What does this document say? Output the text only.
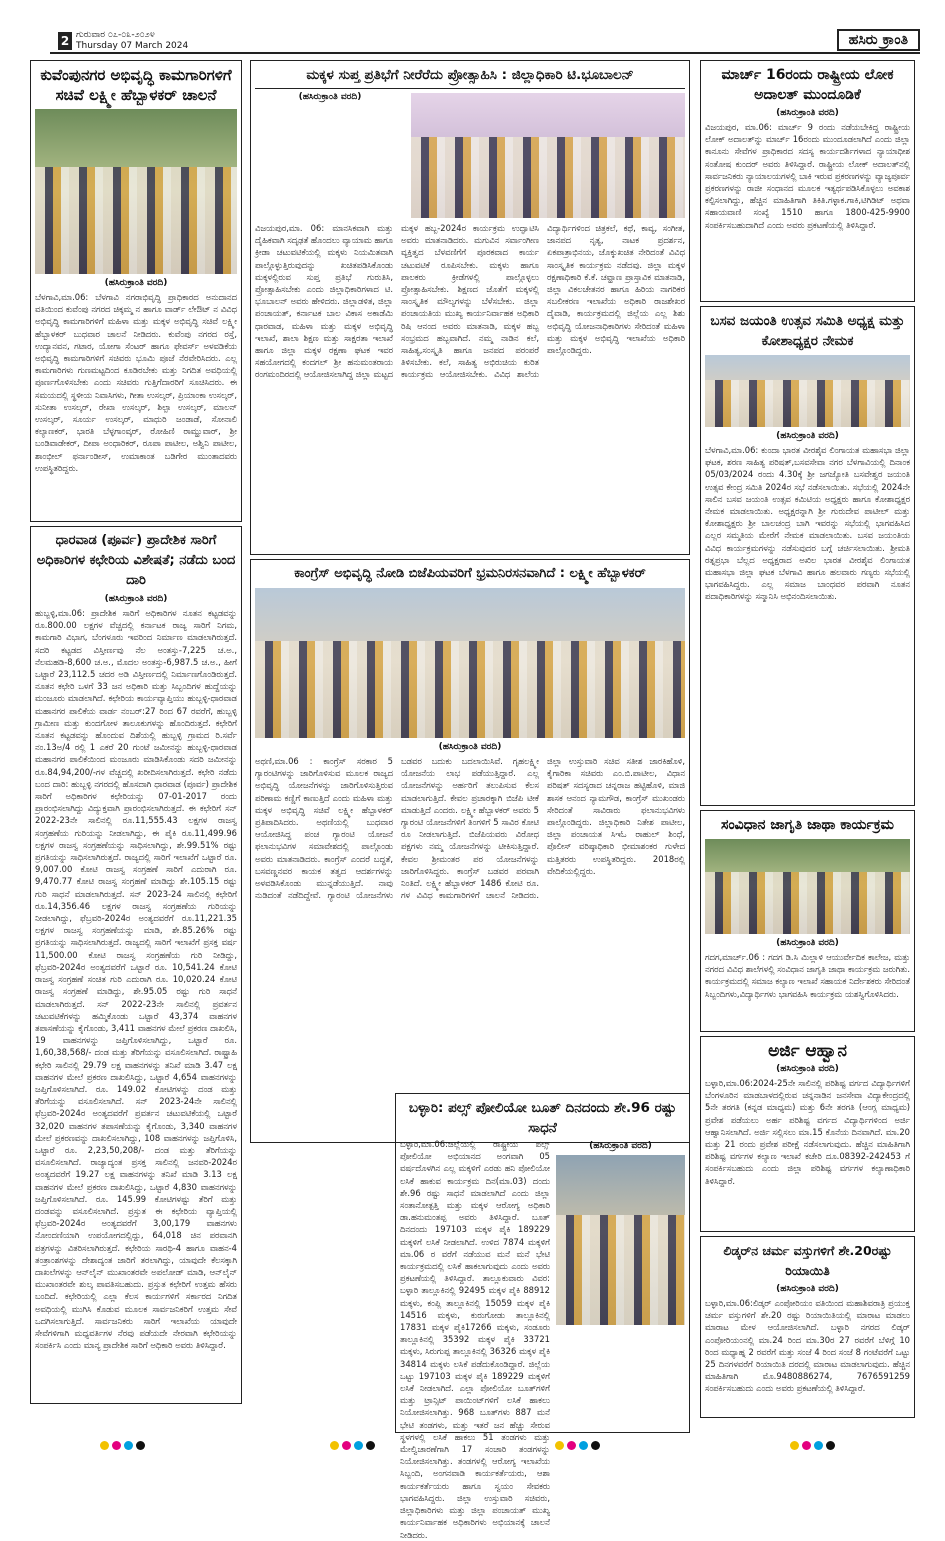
2 ಗುರುವಾರ ೦೭-೦೩-೨೦೨೪
Thursday 07 March 2024	ಹಸಿರು ಕ್ರಾಂತಿ
ಕುವೆಂಪುನಗರ ಅಭಿವೃದ್ಧಿ ಕಾಮಗಾರಿಗಳಿಗೆ ಸಚಿವೆ ಲಕ್ಷ್ಮೀ ಹೆಬ್ಬಾಳಕರ್ ಚಾಲನೆ
(ಹಸಿರುಕ್ರಾಂತಿ ವರದಿ)
ಬೆಳಗಾವಿ,ಮಾ.06: ಬೆಳಗಾವಿ ನಗರಾಭಿವೃದ್ಧಿ ಪ್ರಾಧಿಕಾರದ ಅನುದಾನದ ವತಿಯಿಂದ ಕುವೆಂಪು ನಗರದ ಚಿಕ್ಕಮ್ಮ ನ ಹಾಗೂ ವಾರ್ಡ್ ಲೇಔಟ್ ನ ವಿವಿಧ ಅಭಿವೃದ್ಧಿ ಕಾಮಗಾರಿಗಳಿಗೆ ಮಹಿಳಾ ಮತ್ತು ಮಕ್ಕಳ ಅಭಿವೃದ್ಧಿ ಸಚಿವೆ ಲಕ್ಷ್ಮೀ ಹೆಬ್ಬಾಳಕರ್ ಬುಧವಾರ ಚಾಲನೆ ನೀಡಿದರು. ಕುವೆಂಪು ನಗರದ ರಸ್ತೆ, ಉದ್ಯಾನವನ, ಗಟಾರ, ಯೋಗಾ ಸೆಂಟರ್ ಹಾಗೂ ಫೇವರ್ಸ್ ಅಳವಡಿಕೆಯ ಅಭಿವೃದ್ಧಿ ಕಾಮಗಾರಿಗಳಿಗೆ ಸಚಿವರು ಭೂಮಿ ಪೂಜೆ ನೆರವೇರಿಸಿದರು. ಎಲ್ಲ ಕಾಮಗಾರಿಗಳು ಗುಣಮಟ್ಟದಿಂದ ಕೂಡಿರಬೇಕು ಮತ್ತು ನಿಗದಿತ ಅವಧಿಯಲ್ಲಿ ಪೂರ್ಣಗೊಳಿಸಬೇಕು ಎಂದು ಸಚಿವರು ಗುತ್ತಿಗೆದಾರರಿಗೆ ಸೂಚಿಸಿದರು. ಈ ಸಮಯದಲ್ಲಿ ಸ್ಥಳೀಯ ನಿವಾಸಿಗಳು, ಗೀತಾ ಉಸಲ್ಕರ್, ಪ್ರಿಯಾಂಕಾ ಉಸಲ್ಕರ್, ಸುನೀತಾ ಉಸಲ್ಕರ್, ರೇಖಾ ಉಸಲ್ಕರ್, ಶಿಲ್ಪಾ ಉಸಲ್ಕರ್, ಮಾಲನ್ ಉಸಲ್ಕರ್, ಸೂರ್ಯ ಉಸಲ್ಕರ್, ಮಾಧುರಿ ಜಂಡಾಡೆ, ಸೋನಾಲಿ ಕಲ್ಯಾಣಕರ್, ಭಾರತಿ ಬೆಳ್ಳಗಾಂವ್ಕರ್, ರೋಹಿಣಿ ರಾಮ್ಹುವಾರ್, ಶ್ರೀ ಬಂಡಿವಾಡೇಕರ್, ದೀಪಾ ಅಂಧಾರಿಕರ್, ರೂಪಾ ಪಾಟೀಲ, ಅಶ್ವಿನಿ ಪಾಟೀಲ, ಶಾಂಭೀಲ್ ಫರ್ನಾಂಡೀಸ್, ಉಮಾಕಾಂತ ಬಡಿಗೇರ ಮುಂತಾದವರು ಉಪಸ್ಥಿತರಿದ್ದರು.
ಧಾರವಾಡ (ಪೂರ್ವ) ಪ್ರಾದೇಶಿಕ ಸಾರಿಗೆ ಅಧಿಕಾರಿಗಳ ಕಛೇರಿಯ ವಿಶೇಷತೆ; ನಡೆದು ಬಂದ ದಾರಿ
(ಹಸಿರುಕ್ರಾಂತಿ ವರದಿ)
ಹುಬ್ಬಳ್ಳಿ,ಮಾ.06: ಪ್ರಾದೇಶಿಕ ಸಾರಿಗೆ ಅಧಿಕಾರಿಗಳ ನೂತನ ಕಟ್ಟಡವನ್ನು ರೂ.800.00 ಲಕ್ಷಗಳ ವೆಚ್ಚದಲ್ಲಿ ಕರ್ನಾಟಕ ರಾಜ್ಯ ಸಾರಿಗೆ ನಿಗಮ, ಕಾಮಗಾರಿ ವಿಭಾಗ, ಬೆಂಗಳೂರು ಇವರಿಂದ ನಿರ್ಮಾಣ ಮಾಡಲಾಗಿರುತ್ತದೆ. ಸದರಿ ಕಟ್ಟಡದ ವಿಸ್ತೀರ್ಣವು ನೆಲ ಅಂತಸ್ತು-7,225 ಚ.ಅ., ನೆಲಮಹಡಿ-8,600 ಚ.ಅ., ಮೊದಲ ಅಂತಸ್ತು-6,987.5 ಚ.ಅ., ಹೀಗೆ ಒಟ್ಟಾರೆ 23,112.5 ಚದರ ಅಡಿ ವಿಸ್ತೀರ್ಣದಲ್ಲಿ ನಿರ್ಮಾಣಗೊಂಡಿರುತ್ತದೆ. ನೂತನ ಕಛೇರಿ ಒಳಗೆ 33 ಜನ ಅಧಿಕಾರಿ ಮತ್ತು ಸಿಬ್ಬಂದಿಗಳ ಹುದ್ದೆಯನ್ನು ಮಂಜೂರು ಮಾಡಲಾಗಿದೆ. ಕಛೇರಿಯ ಕಾರ್ಯವ್ಯಾಪ್ತಿಯು ಹುಬ್ಬಳ್ಳಿ-ಧಾರವಾಡ ಮಹಾನಗರ ಪಾಲಿಕೆಯ ವಾರ್ಡ ನಂಬರ್:27 ರಿಂದ 67 ರವರೆಗೆ, ಹುಬ್ಬಳ್ಳಿ ಗ್ರಾಮೀಣ ಮತ್ತು ಕುಂದಗೋಳ ತಾಲೂಕುಗಳನ್ನು ಹೊಂದಿರುತ್ತದೆ. ಕಛೇರಿಗೆ ನೂತನ ಕಟ್ಟಡವನ್ನು ಹೊಂದುವ ದಿಶೆಯಲ್ಲಿ ಹುಬ್ಬಳ್ಳಿ ಗ್ರಾಮದ ರಿ.ಸರ್ವೆ ನಂ.13ಅ/4 ರಲ್ಲಿ 1 ಎಕರೆ 20 ಗುಂಟೆ ಜಮೀನನ್ನು ಹುಬ್ಬಳ್ಳಿ-ಧಾರವಾಡ ಮಹಾನಗರ ಪಾಲಿಕೆಯಿಂದ ಮಂಜೂರು ಮಾಡಿಸಿಕೊಂಡು ಸದರಿ ಜಮೀನನ್ನು ರೂ.84,94,200/-ಗಳ ವೆಚ್ಚದಲ್ಲಿ ಖರೀದಿಸಲಾಗಿರುತ್ತದೆ. ಕಛೇರಿ ನಡೆದು ಬಂದ ದಾರಿ: ಹುಬ್ಬಳ್ಳಿ ನಗರದಲ್ಲಿ ಹೊಸದಾಗಿ ಧಾರವಾಡ (ಪೂರ್ವ) ಪ್ರಾದೇಶಿಕ ಸಾರಿಗೆ ಅಧಿಕಾರಿಗಳ ಕಛೇರಿಯನ್ನು 07-01-2017 ರಂದು ಪ್ರಾರಂಭಿಸಲಾಗಿದ್ದು ವಿದ್ಯುಕ್ತವಾಗಿ ಪ್ರಾರಂಭಿಸಲಾಗಿರುತ್ತದೆ. ಈ ಕಛೇರಿಗೆ ಸನ್ 2022-23ನೇ ಸಾಲಿನಲ್ಲಿ ರೂ.11,555.43 ಲಕ್ಷಗಳ ರಾಜಸ್ವ ಸಂಗ್ರಹಣೆಯ ಗುರಿಯನ್ನು ನೀಡಲಾಗಿದ್ದು, ಈ ಪೈಕಿ ರೂ.11,499.96 ಲಕ್ಷಗಳ ರಾಜಸ್ವ ಸಂಗ್ರಹಣೆಯನ್ನು ಸಾಧಿಸಲಾಗಿದ್ದು, ಶೇ.99.51% ರಷ್ಟು ಪ್ರಗತಿಯನ್ನು ಸಾಧಿಸಲಾಗಿರುತ್ತದೆ. ರಾಜ್ಯದಲ್ಲಿ ಸಾರಿಗೆ ಇಲಾಖೆಗೆ ಒಟ್ಟಾರೆ ರೂ. 9,007.00 ಕೋಟಿ ರಾಜಸ್ವ ಸಂಗ್ರಹಣೆ ಸಾರಿಗೆ ಎದುರಾಗಿ ರೂ. 9,470.77 ಕೋಟಿ ರಾಜಸ್ವ ಸಂಗ್ರಹಣೆ ಮಾಡಿದ್ದು ಶೇ.105.15 ರಷ್ಟು ಗುರಿ ಸಾಧನೆ ಮಾಡಲಾಗಿರುತ್ತದೆ. ಸನ್ 2023-24 ಸಾಲಿನಲ್ಲಿ ಕಛೇರಿಗೆ ರೂ.14,356.46 ಲಕ್ಷಗಳ ರಾಜಸ್ವ ಸಂಗ್ರಹಣೆಯ ಗುರಿಯನ್ನು ನೀಡಲಾಗಿದ್ದು, ಫೆಬ್ರವರಿ-2024ರ ಅಂತ್ಯದವರೆಗೆ ರೂ.11,221.35 ಲಕ್ಷಗಳ ರಾಜಸ್ವ ಸಂಗ್ರಹಣೆಯನ್ನು ಮಾಡಿ, ಶೇ.85.26% ರಷ್ಟು ಪ್ರಗತಿಯನ್ನು ಸಾಧಿಸಲಾಗಿರುತ್ತದೆ. ರಾಜ್ಯದಲ್ಲಿ ಸಾರಿಗೆ ಇಲಾಖೆಗೆ ಪ್ರಸಕ್ತ ವರ್ಷ 11,500.00 ಕೋಟಿ ರಾಜಸ್ವ ಸಂಗ್ರಹಣೆಯ ಗುರಿ ನೀಡಿದ್ದು, ಫೆಬ್ರವರಿ-2024ರ ಅಂತ್ಯದವರೆಗೆ ಒಟ್ಟಾರೆ ರೂ. 10,541.24 ಕೋಟಿ ರಾಜಸ್ವ ಸಂಗ್ರಹಣೆ ಸಂಚಿತ ಗುರಿ ಎದುರಾಗಿ ರೂ. 10,020.24 ಕೋಟಿ ರಾಜಸ್ವ ಸಂಗ್ರಹಣೆ ಮಾಡಿದ್ದು, ಶೇ.95.05 ರಷ್ಟು ಗುರಿ ಸಾಧನೆ ಮಾಡಲಾಗಿರುತ್ತದೆ. ಸನ್ 2022-23ನೇ ಸಾಲಿನಲ್ಲಿ ಪ್ರವರ್ತನ ಚಟುವಟಿಕೆಗಳನ್ನು ಹಮ್ಮಿಕೊಂಡು ಒಟ್ಟಾರೆ 43,374 ವಾಹನಗಳ ತಪಾಸಣೆಯನ್ನು ಕೈಗೊಂಡು, 3,411 ವಾಹನಗಳ ಮೇಲೆ ಪ್ರಕರಣ ದಾಖಲಿಸಿ, 19 ವಾಹನಗಳನ್ನು ಜಪ್ತಿಗೊಳಿಸಲಾಗಿದ್ದು, ಒಟ್ಟಾರೆ ರೂ. 1,60,38,568/- ದಂಡ ಮತ್ತು ತೆರಿಗೆಯನ್ನು ವಸೂಲಿಸಲಾಗಿದೆ. ರಾಷ್ಟ್ರಾಹಿ ಕಛೇರಿ ಸಾಲಿನಲ್ಲಿ 29.79 ಲಕ್ಷ ವಾಹನಗಳನ್ನು ತನಿಖೆ ಮಾಡಿ 3.47 ಲಕ್ಷ ವಾಹನಗಳ ಮೇಲೆ ಪ್ರಕರಣ ದಾಖಲಿಸಿದ್ದು, ಒಟ್ಟಾರೆ 4,654 ವಾಹನಗಳನ್ನು ಜಪ್ತಿಗೊಳಿಸಲಾಗಿದೆ. ರೂ. 149.02 ಕೋಟಿಗಳನ್ನು ದಂಡ ಮತ್ತು ತೆರಿಗೆಯನ್ನು ವಸೂಲಿಸಲಾಗಿದೆ. ಸನ್ 2023-24ನೇ ಸಾಲಿನಲ್ಲಿ ಫೆಬ್ರವರಿ-2024ರ ಅಂತ್ಯದವರೆಗೆ ಪ್ರವರ್ತನ ಚಟುವಟಿಕೆಯಲ್ಲಿ ಒಟ್ಟಾರೆ 32,020 ವಾಹನಗಳ ತಪಾಸಣೆಯನ್ನು ಕೈಗೊಂಡು, 3,340 ವಾಹನಗಳ ಮೇಲೆ ಪ್ರಕರಣವನ್ನು ದಾಖಲಿಸಲಾಗಿದ್ದು, 108 ವಾಹನಗಳನ್ನು ಜಪ್ತಿಗೊಳಿಸಿ, ಒಟ್ಟಾರೆ ರೂ. 2,23,50,208/- ದಂಡ ಮತ್ತು ತೆರಿಗೆಯನ್ನು ವಸೂಲಿಸಲಾಗಿದೆ. ರಾಜ್ಯಾದ್ಯಂತ ಪ್ರಸಕ್ತ ಸಾಲಿನಲ್ಲಿ ಜನವರಿ-2024ರ ಅಂತ್ಯದವರೆಗೆ 19.27 ಲಕ್ಷ ವಾಹನಗಳನ್ನು ತನಿಖೆ ಮಾಡಿ 3.13 ಲಕ್ಷ ವಾಹನಗಳ ಮೇಲೆ ಪ್ರಕರಣ ದಾಖಲಿಸಿದ್ದು, ಒಟ್ಟಾರೆ 4,830 ವಾಹನಗಳನ್ನು ಜಪ್ತಿಗೊಳಿಸಲಾಗಿದೆ. ರೂ. 145.99 ಕೋಟಿಗಳಷ್ಟು ತೆರಿಗೆ ಮತ್ತು ದಂಡವನ್ನು ವಸೂಲಿಸಲಾಗಿದೆ. ಪ್ರಸ್ತುತ ಈ ಕಛೇರಿಯ ವ್ಯಾಪ್ತಿಯಲ್ಲಿ ಫೆಬ್ರವರಿ-2024ರ ಅಂತ್ಯದವರೆಗೆ 3,00,179 ವಾಹನಗಳು ನೋಂದಣಿಯಾಗಿ ಉಪಯೋಗದಲ್ಲಿದ್ದು, 64,018 ಚಿನ ಪರವಾನಗಿ ಪತ್ರಗಳನ್ನು ವಿತರಿಸಲಾಗಿರುತ್ತದೆ. ಕಛೇರಿಯ ಸಾರಥಿ-4 ಹಾಗೂ ವಾಹನ-4 ತಂತ್ರಾಂಶಗಳನ್ನು ದೇಶಾದ್ಯಂತ ಜಾರಿಗೆ ತರಲಾಗಿದ್ದು, ಯಾವುದೇ ಕೆಲಸಕ್ಕಾಗಿ ದಾಖಲೆಗಳನ್ನು ಆನ್‌ಲೈನ್ ಮುಖಾಂತರವೇ ಅಪಲೋಡ್ ಮಾಡಿ, ಆನ್‌ಲೈನ್ ಮುಖಾಂತರವೇ ಶುಲ್ಕ ಪಾವತಿಸಬಹುದು. ಪ್ರಸ್ತುತ ಕಛೇರಿಗೆ ಉತ್ತಮ ಹೆಸರು ಬಂದಿದೆ. ಕಛೇರಿಯಲ್ಲಿ ಎಲ್ಲಾ ಕೆಲಸ ಕಾರ್ಯಗಳಿಗೆ ಸರ್ಕಾರದ ನಿಗದಿತ ಅವಧಿಯಲ್ಲಿ ಮುಗಿಸಿ ಕೊಡುವ ಮೂಲಕ ಸಾರ್ವಜನಿಕರಿಗೆ ಉತ್ತಮ ಸೇವೆ ಒದಗಿಸಲಾಗುತ್ತಿದೆ. ಸಾರ್ವಜನಿಕರು ಸಾರಿಗೆ ಇಲಾಖೆಯ ಯಾವುದೇ ಸೇವೆಗಳಿಗಾಗಿ ಮಧ್ಯವರ್ತಿಗಳ ನೆರವು ಪಡೆಯದೇ ನೇರವಾಗಿ ಕಛೇರಿಯನ್ನು ಸಂಪರ್ಕಿಸಿ ಎಂದು ಮಾನ್ಯ ಪ್ರಾದೇಶಿಕ ಸಾರಿಗೆ ಅಧಿಕಾರಿ ಅವರು ತಿಳಿಸಿದ್ದಾರೆ.
ಮಕ್ಕಳ ಸುಪ್ತ ಪ್ರತಿಭೆಗೆ ನೀರೆರೆದು ಪ್ರೋತ್ಸಾಹಿಸಿ : ಜಿಲ್ಲಾಧಿಕಾರಿ ಟಿ.ಭೂಬಾಲನ್
(ಹಸಿರುಕ್ರಾಂತಿ ವರದಿ)
ವಿಜಯಪುರ,ಮಾ. 06: ಮಾನಸಿಕವಾಗಿ ಮತ್ತು ದೈಹಿಕವಾಗಿ ಸದೃಢತೆ ಹೊಂದಲು ವ್ಯಾಯಾಮ ಹಾಗೂ ಕ್ರೀಡಾ ಚಟುವಟಿಕೆಯಲ್ಲಿ ಮಕ್ಕಳು ನಿಯಮಿತವಾಗಿ ಪಾಲ್ಗೊಳ್ಳುತ್ತಿರುವುದನ್ನು ಖಚಿತಪಡಿಸಿಕೊಂಡು ಮಕ್ಕಳಲ್ಲಿರುವ ಸುಪ್ತ ಪ್ರತಿಭೆ ಗುರುತಿಸಿ, ಪ್ರೋತ್ಸಾಹಿಸಬೇಕು ಎಂದು ಜಿಲ್ಲಾಧಿಕಾರಿಗಳಾದ ಟಿ. ಭೂಬಾಲನ್ ಅವರು ಹೇಳಿದರು. ಜಿಲ್ಲಾಡಳಿತ, ಜಿಲ್ಲಾ ಪಂಚಾಯತ್, ಕರ್ನಾಟಕ ಬಾಲ ವಿಕಾಸ ಅಕಾಡೆಮಿ ಧಾರವಾಡ, ಮಹಿಳಾ ಮತ್ತು ಮಕ್ಕಳ ಅಭಿವೃದ್ಧಿ ಇಲಾಖೆ, ಶಾಲಾ ಶಿಕ್ಷಣ ಮತ್ತು ಸಾಕ್ಷರತಾ ಇಲಾಖೆ ಹಾಗೂ ಜಿಲ್ಲಾ ಮಕ್ಕಳ ರಕ್ಷಣಾ ಘಟಕ ಇವರ ಸಹಯೋಗದಲ್ಲಿ ಕಂದಗಲ್ ಶ್ರೀ ಹನುಮಂತರಾಯ ರಂಗಮಂದಿರದಲ್ಲಿ ಆಯೋಜಿಸಲಾಗಿದ್ದ ಜಿಲ್ಲಾ ಮಟ್ಟದ ಮಕ್ಕಳ ಹಬ್ಬ-2024ರ ಕಾರ್ಯಕ್ರಮ ಉದ್ಘಾಟಿಸಿ ಅವರು ಮಾತನಾಡಿದರು. ಮಗುವಿನ ಸರ್ವಾಂಗೀಣ ವ್ಯಕ್ತಿತ್ವದ ಬೆಳವಣಿಗೆಗೆ ಪೂರಕವಾದ ಕಾರ್ಯ ಚಟುವಟಿಕೆ ರೂಪಿಸಬೇಕು. ಮಕ್ಕಳು ಹಾಗೂ ಪಾಲಕರು ಕ್ರೀಡೆಗಳಲ್ಲಿ ಪಾಲ್ಗೊಳ್ಳಲು ಪ್ರೋತ್ಸಾಹಿಸಬೇಕು. ಶಿಕ್ಷಣದ ಜೊತೆಗೆ ಮಕ್ಕಳಲ್ಲಿ ಸಾಂಸ್ಕೃತಿಕ ಮೌಲ್ಯಗಳನ್ನು ಬೆಳೆಸಬೇಕು. ಜಿಲ್ಲಾ ಪಂಚಾಯತಿಯ ಮುಖ್ಯ ಕಾರ್ಯನಿರ್ವಾಹಕ ಅಧಿಕಾರಿ ರಿಷಿ ಆನಂದ ಅವರು ಮಾತನಾಡಿ, ಮಕ್ಕಳ ಹಬ್ಬ ಸಂಭ್ರಮದ ಹಬ್ಬವಾಗಿದೆ. ನಮ್ಮ ನಾಡಿನ ಕಲೆ, ಸಾಹಿತ್ಯ,ಸಂಸ್ಕೃತಿ ಹಾಗೂ ಜನಪದ ಪರಂಪರೆ ತಿಳಿಸಬೇಕು. ಕಲೆ, ಸಾಹಿತ್ಯ ಅಭಿರುಚಿಯ ಕುರಿತ ಕಾರ್ಯಕ್ರಮ ಆಯೋಜಿಸಬೇಕು. ವಿವಿಧ ಶಾಲೆಯ ವಿದ್ಯಾರ್ಥಿಗಳಿಂದ ಚಿತ್ರಕಲೆ, ಕಥೆ, ಕಾವ್ಯ, ಸಂಗೀತ, ಜಾನಪದ ನೃತ್ಯ, ನಾಟಕ ಪ್ರದರ್ಶನ, ಏಕಪಾತ್ರಾಭಿನಯ, ಜೊಕ್ಕುಖಚಿತ ನೇರಿದಂತೆ ವಿವಿಧ ಸಾಂಸ್ಕೃತಿಕ ಕಾರ್ಯಕ್ರಮ ನಡೆದವು. ಜಿಲ್ಲಾ ಮಕ್ಕಳ ರಕ್ಷಣಾಧಿಕಾರಿ ಕೆ.ಕೆ. ಚವ್ಹಾಣ ಪ್ರಾಸ್ತಾವಿಕ ಮಾತನಾಡಿ, ಜಿಲ್ಲಾ ವಿಕಲಚೇತನರ ಹಾಗೂ ಹಿರಿಯ ನಾಗರಿಕರ ಸಬಲೀಕರಣ ಇಲಾಖೆಯ ಅಧಿಕಾರಿ ರಾಜಶೇಖರ ದೈವಾಡಿ, ಕಾರ್ಯಕ್ರಮದಲ್ಲಿ ಜಿಲ್ಲೆಯ ಎಲ್ಲ ಶಿಶು ಅಭಿವೃದ್ಧಿ ಯೋಜನಾಧಿಕಾರಿಗಳು ಸೇರಿದಂತೆ ಮಹಿಳಾ ಮತ್ತು ಮಕ್ಕಳ ಅಭಿವೃದ್ಧಿ ಇಲಾಖೆಯ ಅಧಿಕಾರಿ ಪಾಲ್ಗೊಂಡಿದ್ದರು.
ಕಾಂಗ್ರೆಸ್ ಅಭಿವೃದ್ಧಿ ನೋಡಿ ಬಿಜೆಪಿಯವರಿಗೆ ಭ್ರಮನಿರಸನವಾಗಿದೆ : ಲಕ್ಷ್ಮೀ ಹೆಬ್ಬಾಳಕರ್
(ಹಸಿರುಕ್ರಾಂತಿ ವರದಿ)
ಅಥಣಿ,ಮಾ.06 : ಕಾಂಗ್ರೆಸ್ ಸರಕಾರ 5 ಗ್ಯಾರಂಟಿಗಳನ್ನು ಜಾರಿಗೊಳಿಸುವ ಮೂಲಕ ರಾಜ್ಯದ ಅಭಿವೃದ್ಧಿ ಯೋಜನೆಗಳನ್ನು ಜಾರಿಗೊಳಿಸುತ್ತಿರುವ ಪರಿಣಾಮ ಕಣ್ಣಿಗೆ ಕಾಣುತ್ತಿದೆ ಎಂದು ಮಹಿಳಾ ಮತ್ತು ಮಕ್ಕಳ ಅಭಿವೃದ್ಧಿ ಸಚಿವೆ ಲಕ್ಷ್ಮೀ ಹೆಬ್ಬಾಳಕರ್ ಪ್ರತಿಪಾದಿಸಿದರು. ಅಥಣಿಯಲ್ಲಿ ಬುಧವಾರ ಆಯೋಜಿಸಿದ್ದ ಪಂಚ ಗ್ಯಾರಂಟಿ ಯೋಜನೆ ಫಲಾನುಭವಿಗಳ ಸಮಾವೇಶದಲ್ಲಿ ಪಾಲ್ಗೊಂಡು ಅವರು ಮಾತನಾಡಿದರು. ಕಾಂಗ್ರೆಸ್ ಎಂದರೆ ಬದ್ಧತೆ, ಬಸವಣ್ಣನವರ ಕಾಯಕ ತತ್ವದ ಆದರ್ಶಗಳನ್ನು ಅಳವಡಿಸಿಕೊಂಡು ಮುನ್ನಡೆಯುತ್ತಿದೆ. ನಾವು ನುಡಿದಂತೆ ನಡೆದಿದ್ದೇವೆ. ಗ್ಯಾರಂಟಿ ಯೋಜನೆಗಳು ಬಡವರ ಬದುಕು ಬದಲಾಯಿಸಿವೆ. ಗೃಹಲಕ್ಷ್ಮೀ ಯೋಜನೆಯ ಲಾಭ ಪಡೆಯುತ್ತಿದ್ದಾರೆ. ಎಲ್ಲ ಯೋಜನೆಗಳನ್ನು ಅರ್ಹರಿಗೆ ತಲುಪಿಸುವ ಕೆಲಸ ಮಾಡಲಾಗುತ್ತಿದೆ. ಕೇವಲ ಪ್ರಚಾರಕ್ಕಾಗಿ ಬಿಜೆಪಿ ಟೀಕೆ ಮಾಡುತ್ತಿದೆ ಎಂದರು. ಲಕ್ಷ್ಮೀ ಹೆಬ್ಬಾಳಕರ್ ಅವರು 5 ಗ್ಯಾರಂಟಿ ಯೋಜನೆಗಳಿಗೆ ತಿಂಗಳಿಗೆ 5 ಸಾವಿರ ಕೋಟಿ ರೂ ನೀಡಲಾಗುತ್ತಿದೆ. ಬಿಜೆಪಿಯವರು ವಿರೋಧ ಪಕ್ಷಗಳು ನಮ್ಮ ಯೋಜನೆಗಳನ್ನು ಟೀಕಿಸುತ್ತಿದ್ದಾರೆ. ಕೇವಲ ಶ್ರೀಮಂತರ ಪರ ಯೋಜನೆಗಳನ್ನು ಜಾರಿಗೊಳಿಸಿದ್ದರು. ಕಾಂಗ್ರೆಸ್ ಬಡವರ ಪರವಾಗಿ ನಿಂತಿದೆ. ಲಕ್ಷ್ಮೀ ಹೆಬ್ಬಾಳಕರ್ 1486 ಕೋಟಿ ರೂ. ಗಳ ವಿವಿಧ ಕಾಮಗಾರಿಗಳಿಗೆ ಚಾಲನೆ ನೀಡಿದರು. ಜಿಲ್ಲಾ ಉಸ್ತುವಾರಿ ಸಚಿವ ಸತೀಶ ಜಾರಕಿಹೊಳಿ, ಕೈಗಾರಿಕಾ ಸಚಿವರು ಎಂ.ಬಿ.ಪಾಟೀಲ, ವಿಧಾನ ಪರಿಷತ್ ಸದಸ್ಯರಾದ ಚನ್ನರಾಜ ಹಟ್ಟಿಹೊಳಿ, ಮಾಜಿ ಶಾಸಕ ಆನಂದ ನ್ಯಾಮಗೌಡ, ಕಾಂಗ್ರೆಸ್ ಮುಖಂಡರು ಸೇರಿದಂತೆ ಸಾವಿರಾರು ಫಲಾನುಭವಿಗಳು ಪಾಲ್ಗೊಂಡಿದ್ದರು. ಜಿಲ್ಲಾಧಿಕಾರಿ ನಿತೇಶ ಪಾಟೀಲ, ಜಿಲ್ಲಾ ಪಂಚಾಯತ ಸಿಇಓ ರಾಹುಲ್ ಶಿಂಧೆ, ಪೊಲೀಸ್ ವರಿಷ್ಠಾಧಿಕಾರಿ ಭೀಮಾಶಂಕರ ಗುಳೇದ ಮತ್ತಿತರರು ಉಪಸ್ಥಿತರಿದ್ದರು. 2018ರಲ್ಲಿ ವೇದಿಕೆಯಲ್ಲಿದ್ದರು.
ಬಳ್ಳಾರಿ: ಪಲ್ಸ್ ಪೋಲಿಯೋ ಬೂತ್ ದಿನದಂದು ಶೇ.96 ರಷ್ಟು ಸಾಧನೆ
ಬಳ್ಳಾರಿ,ಮಾ.06:ಜಿಲ್ಲೆಯಲ್ಲಿ ರಾಷ್ಟ್ರೀಯ ಪಲ್ಸ್ ಪೋಲಿಯೋ ಅಭಿಯಾನದ ಅಂಗವಾಗಿ 05 ವರ್ಷದೊಳಗಿನ ಎಲ್ಲ ಮಕ್ಕಳಿಗೆ ಎರಡು ಹನಿ ಪೋಲಿಯೋ ಲಸಿಕೆ ಹಾಕುವ ಕಾರ್ಯಕ್ರಮ ದಿನ(ಮಾ.03) ದಂದು ಶೇ.96 ರಷ್ಟು ಸಾಧನೆ ಮಾಡಲಾಗಿದೆ ಎಂದು ಜಿಲ್ಲಾ ಸಂತಾನೋತ್ಪತ್ತಿ ಮತ್ತು ಮಕ್ಕಳ ಆರೋಗ್ಯ ಅಧಿಕಾರಿ ಡಾ.ಹನುಮಂತಪ್ಪ ಅವರು ತಿಳಿಸಿದ್ದಾರೆ. ಬೂತ್ ದಿನದಂದು 197103 ಮಕ್ಕಳ ಪೈಕಿ 189229 ಮಕ್ಕಳಿಗೆ ಲಸಿಕೆ ನೀಡಲಾಗಿದೆ. ಉಳಿದ 7874 ಮಕ್ಕಳಿಗೆ ಮಾ.06 ರ ವರೆಗೆ ನಡೆಯುವ ಮನೆ ಮನೆ ಭೇಟಿ ಕಾರ್ಯಕ್ರಮದಲ್ಲಿ ಲಸಿಕೆ ಹಾಕಲಾಗುವುದು ಎಂದು ಅವರು ಪ್ರಕಟಣೆಯಲ್ಲಿ ತಿಳಿಸಿದ್ದಾರೆ. ತಾಲ್ಲೂಕುವಾರು ವಿವರ: ಬಳ್ಳಾರಿ ತಾಲ್ಲೂಕಿನಲ್ಲಿ 92495 ಮಕ್ಕಳ ಪೈಕಿ 88912 ಮಕ್ಕಳು, ಕಂಪ್ಲಿ ತಾಲ್ಲೂಕಿನಲ್ಲಿ 15059 ಮಕ್ಕಳ ಪೈಕಿ 14516 ಮಕ್ಕಳು, ಕುರುಗೋಡು ತಾಲ್ಲೂಕಿನಲ್ಲಿ 17831 ಮಕ್ಕಳ ಪೈಕಿ17266 ಮಕ್ಕಳು, ಸಂಡೂರು ತಾಲ್ಲೂಕಿನಲ್ಲಿ 35392 ಮಕ್ಕಳ ಪೈಕಿ 33721 ಮಕ್ಕಳು, ಸಿರುಗುಪ್ಪ ತಾಲ್ಲೂಕಿನಲ್ಲಿ 36326 ಮಕ್ಕಳ ಪೈಕಿ 34814 ಮಕ್ಕಳು ಲಸಿಕೆ ಪಡೆದುಕೊಂಡಿದ್ದಾರೆ. ಜಿಲ್ಲೆಯ ಒಟ್ಟು 197103 ಮಕ್ಕಳ ಪೈಕಿ 189229 ಮಕ್ಕಳಿಗೆ ಲಸಿಕೆ ನೀಡಲಾಗಿದೆ. ಎಲ್ಲಾ ಪೋಲಿಯೋ ಬೂತ್‌ಗಳಿಗೆ ಮತ್ತು ಟ್ರಾನ್ಸಿಟ್ ಪಾಯಿಂಟ್‌ಗಳಿಗೆ ಲಸಿಕೆ ಹಾಕಲು ನಿಯೋಜಿಸಲಾಗಿತ್ತು. 968 ಬೂತ್‌ಗಳು 887 ಮನೆ ಭೇಟಿ ತಂಡಗಳು, ಮತ್ತು ಇತರೆ ಜನ ಹೆಚ್ಚು ಸೇರುವ ಸ್ಥಳಗಳಲ್ಲಿ ಲಸಿಕೆ ಹಾಕಲು 51 ತಂಡಗಳು ಮತ್ತು ಮೇಲ್ವಿಚಾರಣೆಗಾಗಿ 17 ಸಂಚಾರಿ ತಂಡಗಳನ್ನು ನಿಯೋಜಿಸಲಾಗಿತ್ತು. ತಂಡಗಳಲ್ಲಿ ಆರೋಗ್ಯ ಇಲಾಖೆಯ ಸಿಬ್ಬಂದಿ, ಅಂಗನವಾಡಿ ಕಾರ್ಯಕರ್ತೆಯರು, ಆಶಾ ಕಾರ್ಯಕರ್ತೆಯರು ಹಾಗೂ ಸ್ವಯಂ ಸೇವಕರು ಭಾಗವಹಿಸಿದ್ದರು. ಜಿಲ್ಲಾ ಉಸ್ತುವಾರಿ ಸಚಿವರು, ಜಿಲ್ಲಾಧಿಕಾರಿಗಳು ಮತ್ತು ಜಿಲ್ಲಾ ಪಂಚಾಯತ್ ಮುಖ್ಯ ಕಾರ್ಯನಿರ್ವಾಹಕ ಅಧಿಕಾರಿಗಳು ಅಭಿಯಾನಕ್ಕೆ ಚಾಲನೆ ನೀಡಿದರು.
(ಹಸಿರುಕ್ರಾಂತಿ ವರದಿ)
ಮಾರ್ಚ್ 16ರಂದು ರಾಷ್ಟ್ರೀಯ ಲೋಕ ಅದಾಲತ್ ಮುಂದೂಡಿಕೆ
(ಹಸಿರುಕ್ರಾಂತಿ ವರದಿ)
ವಿಜಯಪುರ, ಮಾ.06: ಮಾರ್ಚ್ 9 ರಂದು ನಡೆಯಬೇಕಿದ್ದ ರಾಷ್ಟ್ರೀಯ ಲೋಕ್ ಅದಾಲತ್‌ನ್ನು ಮಾರ್ಚ್ 16ರಂದು ಮುಂದೂಡಲಾಗಿದೆ ಎಂದು ಜಿಲ್ಲಾ ಕಾನೂನು ಸೇವೆಗಳ ಪ್ರಾಧಿಕಾರದ ಸದಸ್ಯ ಕಾರ್ಯದರ್ಶಿಗಳಾದ ನ್ಯಾಯಾಧೀಶ ಸಂತೋಷ ಕುಂದರ್ ಅವರು ತಿಳಿಸಿದ್ದಾರೆ. ರಾಷ್ಟ್ರೀಯ ಲೋಕ್ ಅದಾಲತ್‌ನಲ್ಲಿ ಸಾರ್ವಜನಿಕರು ನ್ಯಾಯಾಲಯಗಳಲ್ಲಿ ಬಾಕಿ ಇರುವ ಪ್ರಕರಣಗಳನ್ನು ವ್ಯಾಜ್ಯಪೂರ್ವ ಪ್ರಕರಣಗಳನ್ನು ರಾಜೀ ಸಂಧಾನದ ಮೂಲಕ ಇತ್ಯರ್ಥಪಡಿಸಿಕೊಳ್ಳಲು ಅವಕಾಶ ಕಲ್ಪಿಸಲಾಗಿದ್ದು, ಹೆಚ್ಚಿನ ಮಾಹಿತಿಗಾಗಿ ತಿಕಿತಿ.ಗಳ್ಳಾಕ.ಗಾಕಿ,ಟಿಗಿಡಿಟ್ ಅಥವಾ ಸಹಾಯವಾಣಿ ಸಂಖ್ಯೆ 1510 ಹಾಗೂ 1800-425-9900 ಸಂಪರ್ಕಿಸಬಹುದಾಗಿದೆ ಎಂದು ಅವರು ಪ್ರಕಟಣೆಯಲ್ಲಿ ತಿಳಿಸಿದ್ದಾರೆ.
ಬಸವ ಜಯಂತಿ ಉತ್ಸವ ಸಮಿತಿ ಅಧ್ಯಕ್ಷ ಮತ್ತು ಕೋಶಾಧ್ಯಕ್ಷರ ನೇಮಕ
(ಹಸಿರುಕ್ರಾಂತಿ ವರದಿ)
ಬೆಳಗಾವಿ,ಮಾ.06: ಕುಂದಾ ಭಾರತ ವೀರಶೈವ ಲಿಂಗಾಯತ ಮಹಾಸಭಾ ಜಿಲ್ಲಾ ಘಟಕ, ಶರಣ ಸಾಹಿತ್ಯ ಪರಿಷತ್,ಬಸವಸೇವಾ ನಗರ ಬೆಳಗಾವಿಯಲ್ಲಿ ದಿನಾಂಕ 05/03/2024 ರಂದು 4.30ಕ್ಕೆ ಶ್ರೀ ಜಗಜ್ಯೋತಿ ಬಸವೇಶ್ವರ ಜಯಂತಿ ಉತ್ಸವ ಕೇಂದ್ರ ಸಮಿತಿ 2024ರ ಸಭೆ ನಡೆಸಲಾಯಿತು. ಸಭೆಯಲ್ಲಿ 2024ನೇ ಸಾಲಿನ ಬಸವ ಜಯಂತಿ ಉತ್ಸವ ಕಮಿಟಿಯ ಅಧ್ಯಕ್ಷರು ಹಾಗೂ ಕೋಶಾಧ್ಯಕ್ಷರ ನೇಮಕ ಮಾಡಲಾಯಿತು. ಅಧ್ಯಕ್ಷರನ್ನಾಗಿ ಶ್ರೀ ಗುರುದೇವ ಪಾಟೀಲ್ ಮತ್ತು ಕೋಶಾಧ್ಯಕ್ಷರು ಶ್ರೀ ಬಾಲಚಂದ್ರ ಬಾಗಿ ಇವರನ್ನು ಸಭೆಯಲ್ಲಿ ಭಾಗವಹಿಸಿದ ಎಲ್ಲರ ಸಮ್ಮತಿಯ ಮೇರೆಗೆ ನೇಮಕ ಮಾಡಲಾಯಿತು. ಬಸವ ಜಯಂತಿಯ ವಿವಿಧ ಕಾರ್ಯಕ್ರಮಗಳನ್ನು ನಡೆಸುವುದರ ಬಗ್ಗೆ ಚರ್ಚಿಸಲಾಯಿತು. ಶ್ರೀಮತಿ ರತ್ನಪ್ರಭಾ ಬೆಲ್ಲದ ಅಧ್ಯಕ್ಷರಾದ ಅಖಿಲ ಭಾರತ ವೀರಶೈವ ಲಿಂಗಾಯತ ಮಹಾಸಭಾ ಜಿಲ್ಲಾ ಘಟಕ ಬೆಳಗಾವಿ ಹಾಗೂ ಹಲವಾರು ಗಣ್ಯರು ಸಭೆಯಲ್ಲಿ ಭಾಗವಹಿಸಿದ್ದರು. ಎಲ್ಲ ಸಮಾಜ ಬಾಂಧವರ ಪರವಾಗಿ ನೂತನ ಪದಾಧಿಕಾರಿಗಳನ್ನು ಸನ್ಮಾನಿಸಿ ಅಭಿನಂದಿಸಲಾಯಿತು.
ಸಂವಿಧಾನ ಜಾಗೃತಿ ಜಾಥಾ ಕಾರ್ಯಕ್ರಮ
(ಹಸಿರುಕ್ರಾಂತಿ ವರದಿ)
ಗದಗ,ಮಾರ್ಚ್.06 : ಗದಗ ಡಿ.ಸಿ ಮಿಲ್ಲಾಳಿ ಆಯುರ್ವೇದಿಕ ಕಾಲೇಜ, ಮತ್ತು ನಗರದ ವಿವಿಧ ಶಾಲೆಗಳಲ್ಲಿ ಸಂವಿಧಾನ ಜಾಗೃತಿ ಜಾಥಾ ಕಾರ್ಯಕ್ರಮ ಜರುಗಿತು. ಕಾರ್ಯಕ್ರಮದಲ್ಲಿ ಸಮಾಜ ಕಲ್ಯಾಣ ಇಲಾಖೆ ಸಹಾಯಕ ನಿರ್ದೇಶಕರು ಸೇರಿದಂತೆ ಸಿಬ್ಬಂದಿಗಳು,ವಿದ್ಯಾರ್ಥಿಗಳು ಭಾಗವಹಿಸಿ ಕಾರ್ಯಕ್ರಮ ಯಶಸ್ವಿಗೊಳಿಸಿದರು.
ಅರ್ಜಿ ಆಹ್ವಾನ
(ಹಸಿರುಕ್ರಾಂತಿ ವರದಿ)
ಬಳ್ಳಾರಿ,ಮಾ.06:2024-25ನೇ ಸಾಲಿನಲ್ಲಿ ಪರಿಶಿಷ್ಟ ವರ್ಗದ ವಿದ್ಯಾರ್ಥಿಗಳಿಗೆ ಬೆಂಗಳೂರಿನ ಮಾಡಬಾಳದಲ್ಲಿರುವ ಚನ್ನನಾಡಿನ ಜನಸೇವಾ ವಿದ್ಯಾಕೇಂದ್ರದಲ್ಲಿ 5ನೇ ತರಗತಿ (ಕನ್ನಡ ಮಾಧ್ಯಮ) ಮತ್ತು 6ನೇ ತರಗತಿ (ಆಂಗ್ಲ ಮಾಧ್ಯಮ) ಪ್ರವೇಶ ಪಡೆಯಲು ಅರ್ಹ ಪರಿಶಿಷ್ಟ ವರ್ಗದ ವಿದ್ಯಾರ್ಥಿಗಳಿಂದ ಅರ್ಜಿ ಆಹ್ವಾನಿಸಲಾಗಿದೆ. ಅರ್ಜಿ ಸಲ್ಲಿಸಲು ಮಾ.15 ಕೊನೆಯ ದಿನವಾಗಿದೆ. ಮಾ.20 ಮತ್ತು 21 ರಂದು ಪ್ರವೇಶ ಪರೀಕ್ಷೆ ನಡೆಸಲಾಗುವುದು. ಹೆಚ್ಚಿನ ಮಾಹಿತಿಗಾಗಿ ಪರಿಶಿಷ್ಟ ವರ್ಗಗಳ ಕಲ್ಯಾಣ ಇಲಾಖೆ ಕಚೇರಿ ದೂ.08392-242453 ಗೆ ಸಂಪರ್ಕಿಸಬಹುದು ಎಂದು ಜಿಲ್ಲಾ ಪರಿಶಿಷ್ಟ ವರ್ಗಗಳ ಕಲ್ಯಾಣಾಧಿಕಾರಿ ತಿಳಿಸಿದ್ದಾರೆ.
ಲಿಡ್ಕರ್‌ನ ಚರ್ಮ ವಸ್ತುಗಳಿಗೆ ಶೇ.20ರಷ್ಟು ರಿಯಾಯಿತಿ
(ಹಸಿರುಕ್ರಾಂತಿ ವರದಿ)
ಬಳ್ಳಾರಿ,ಮಾ.06:ಲಿಡ್ಕರ್ ಎಂಪೋರಿಯಂ ವತಿಯಿಂದ ಮಹಾಶಿವರಾತ್ರಿ ಪ್ರಯುಕ್ತ ಚರ್ಮ ವಸ್ತುಗಳಿಗೆ ಶೇ.20 ರಷ್ಟು ರಿಯಾಯಿತಿಯಲ್ಲಿ ಮಾರಾಟ ಮಾಡಲು ಮಾರಾಟ ಮೇಳ ಆಯೋಜಿಸಲಾಗಿದೆ. ಬಳ್ಳಾರಿ ನಗರದ ಲಿಡ್ಕರ್ ಎಂಪೋರಿಯಂನಲ್ಲಿ ಮಾ.24 ರಿಂದ ಮಾ.30ರ 27 ರವರೆಗೆ ಬೆಳಿಗ್ಗೆ 10 ರಿಂದ ಮಧ್ಯಾಹ್ನ 2 ರವರೆಗೆ ಮತ್ತು ಸಂಜೆ 4 ರಿಂದ ಸಂಜೆ 8 ಗಂಟೆವರೆಗೆ ಒಟ್ಟು 25 ದಿನಗಳವರೆಗೆ ರಿಯಾಯಿತಿ ದರದಲ್ಲಿ ಮಾರಾಟ ಮಾಡಲಾಗುವುದು. ಹೆಚ್ಚಿನ ಮಾಹಿತಿಗಾಗಿ ಮೊ.9480886274, 7676591259 ಸಂಪರ್ಕಿಸಬಹುದು ಎಂದು ಅವರು ಪ್ರಕಟಣೆಯಲ್ಲಿ ತಿಳಿಸಿದ್ದಾರೆ.
